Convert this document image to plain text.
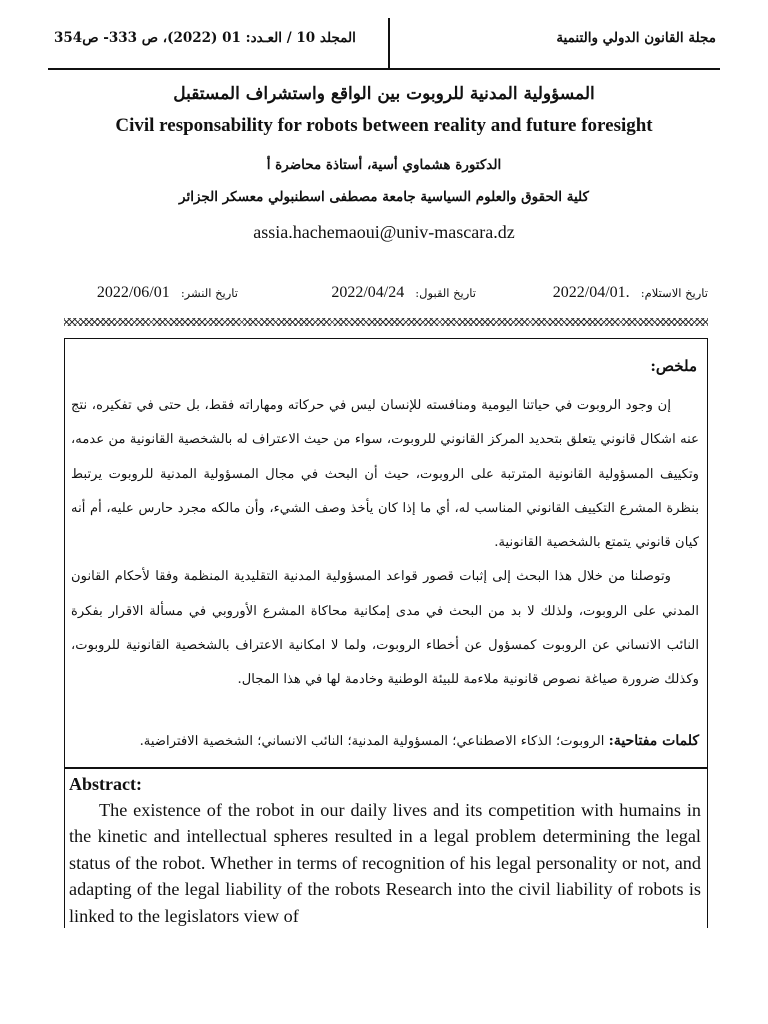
المجلد 10 / العـدد: 01 (2022)، ص 333- ص354	مجلة القانون الدولي والتنمية
المسؤولية المدنية للروبوت بين الواقع واستشراف المستقبل
Civil responsability for robots between reality and future foresight
الدكتورة هشماوي أسية، أستاذة محاضرة أ
كلية الحقوق والعلوم السياسية جامعة مصطفى اسطنبولي معسكر الجزائر
assia.hachemaoui@univ-mascara.dz
تاريخ الاستلام: .2022/04/01
تاريخ القبول: 2022/04/24
تاريخ النشر: 2022/06/01
ملخص:

إن وجود الروبوت في حياتنا اليومية ومنافسته للإنسان ليس في حركاته ومهاراته فقط، بل حتى في تفكيره، نتج عنه اشكال قانوني يتعلق بتحديد المركز القانوني للروبوت، سواء من حيث الاعتراف له بالشخصية القانونية من عدمه، وتكييف المسؤولية القانونية المترتبة على الروبوت، حيث أن البحث في مجال المسؤولية المدنية للروبوت يرتبط بنظرة المشرع التكييف القانوني المناسب له، أي ما إذا كان يأخذ وصف الشيء، وأن مالكه مجرد حارس عليه، أم أنه كيان قانوني يتمتع بالشخصية القانونية.

وتوصلنا من خلال هذا البحث إلى إثبات قصور قواعد المسؤولية المدنية التقليدية المنظمة وفقا لأحكام القانون المدني على الروبوت، ولذلك لا بد من البحث في مدى إمكانية محاكاة المشرع الأوروبي في مسألة الاقرار بفكرة النائب الانساني عن الروبوت كمسؤول عن أخطاء الروبوت، ولما لا امكانية الاعتراف بالشخصية القانونية للروبوت، وكذلك ضرورة صياغة نصوص قانونية ملاءمة للبيئة الوطنية وخادمة لها في هذا المجال.

كلمات مفتاحية: الروبوت؛ الذكاء الاصطناعي؛ المسؤولية المدنية؛ النائب الانساني؛ الشخصية الافتراضية.
Abstract:

The existence of the robot in our daily lives and its competition with humains in the kinetic and intellectual spheres resulted in a legal problem determining the legal status of the robot. Whether in terms of recognition of his legal personality or not, and adapting of the legal liability of the robots Research into the civil liability of robots is linked to the legislators view of
